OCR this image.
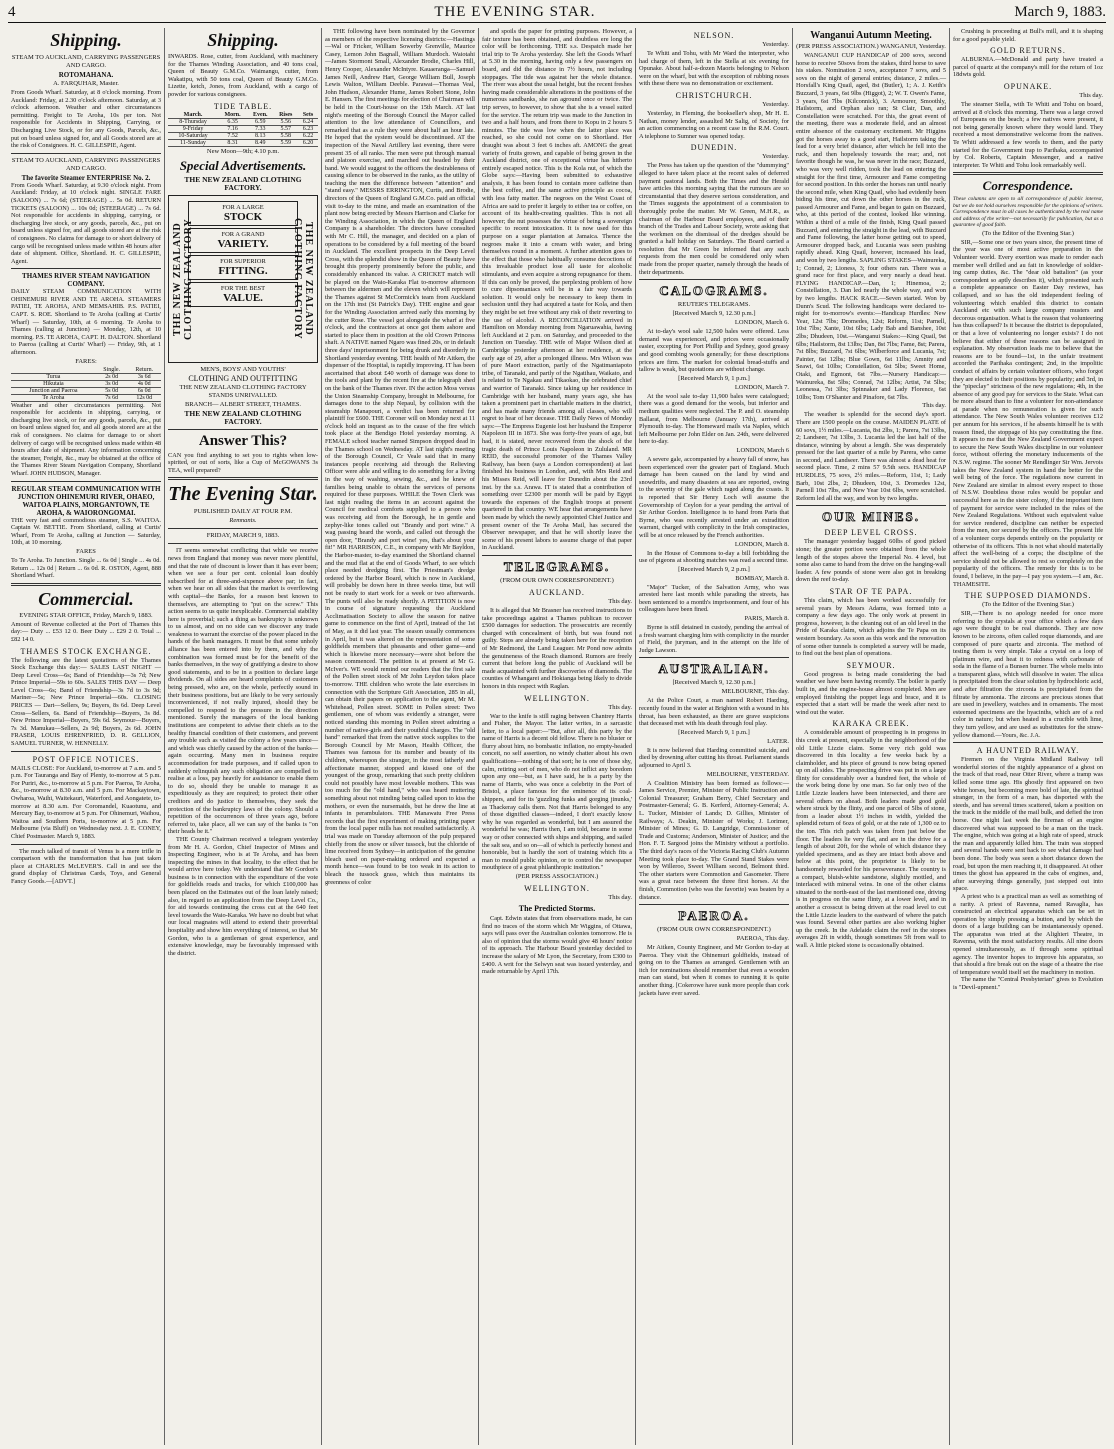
4	THE EVENING STAR.	March 9, 1883.
Shipping.
STEAM TO AUCKLAND, CARRYING PASSENGERS AND CARGO.
ROTOMAHANA.
A. FARQUHAR, Master.

From Goods Wharf. Saturday, at 8 o'clock morning. From Auckland: Friday, at 2.30 o'clock afternoon. Saturday, at 3 o'clock afternoon. Weather and other circumstances permitting. Freight to Te Aroha, 10s per ton. Not responsible for Accidents in Shipping, Carrying, or Discharging Live Stock, or for any Goods, Parcels, &c., put on board unless signed for, and all Goods stored are at the risk of Consignees. H. C. GILLESPIE, Agent.

STEAM TO AUCKLAND, CARRYING PASSENGERS AND CARGO.
The favorite Steamer ENTERPRISE No. 2.

From Goods Wharf. Saturday, at 9.30 o'clock night. From Auckland: Friday, at 10 o'clock night. SINGLE FARE (SALOON) ... 7s 6d; (STEERAGE) ... 5s 0d. RETURN TICKETS (SALOON) ... 10s 0d; (STEERAGE) ... 7s 6d. Not responsible for accidents in shipping, carrying, or discharging live stock, or any goods, parcels, &c., put on board unless signed for, and all goods stored are at the risk of consignees. No claims for damage to or short delivery of cargo will be recognised unless made within 48 hours after date of shipment. Office, Shortland. H. C. GILLESPIE, Agent.

THAMES RIVER STEAM NAVIGATION COMPANY.

DAILY STEAM COMMUNICATION WITH OHINEMURI RIVER AND TE AROHA. STEAMERS PATIEI, TE AROHA, AND MEMSAHIB. P.S. PATIEI, CAPT. S. ROE. Shortland to Te Aroha (calling at Curtis' Wharf) — Saturday, 10th, at 6 morning. Te Aroha to Thames (calling at Junction) — Monday, 12th, at 10 morning. P.S. TE AROHA, CAPT. H. DALTON. Shortland to Paeroa (calling at Curtis' Wharf) — Friday, 9th, at 1 afternoon.

FARES:
	Single.	Return.
Turua	2s 0d	3s 6d
Hikutaia	3s 0d	4s 0d
Junction and Paeroa	5s 0d	6s 0d
Te Aroha	7s 6d	12s 0d

Weather and other circumstances permitting. Not responsible for accidents in shipping, carrying, or discharging live stock, or for any goods, parcels, &c., put on board unless signed for, and all goods stored are at the risk of consignees. No claims for damage to or short delivery of cargo will be recognised unless made within 48 hours after date of shipment. Any information concerning the steamer, Freight, &c., may be obtained at the office of the Thames River Steam Navigation Company, Shortland Wharf. JOHN HUDSON, Manager.

REGULAR STEAM COMMUNICATION WITH JUNCTION OHINEMURI RIVER, OHAEO, WAITOA PLAINS, MORGANTOWN, TE AROHA, & WAIORONGOMAI.

THE very fast and commodious steamer, S.S. WAITOA. Captain W. BETTIE. From Shortland, calling at Curtis' Wharf, From Te Aroha, calling at Junction — Saturday, 10th, at 10 morning.

FARES

To Te Aroha. To Junction. Single ... 6s 0d | Single ... 4s 0d. Return ... 12s 0d | Return ... 6s 0d. R. OSTON, Agent, 888 Shortland Wharf.

Commercial.
EVENING STAR OFFICE, Friday, March 9, 1883.

Amount of Revenue collected at the Port of Thames this day:— Duty ... £53 12 0. Beer Duty ... £29 2 0. Total ... £82 14 0.

THAMES STOCK EXCHANGE.

The following are the latest quotations of the Thames Stock Exchange this day:— SALES LAST NIGHT — Deep Level Cross—6s; Band of Friendship—3s 7d; New Prince Imperial—59s to 60s. SALES THIS DAY — Deep Level Cross—6s; Band of Friendship—3s 7d to 3s 9d; Mariner—5s; New Prince Imperial—60s. CLOSING PRICES — Dart—Sellers, 9s; Buyers, 8s 6d. Deep Level Cross—Sellers, 6s. Band of Friendship—Buyers, 3s 8d. New Prince Imperial—Buyers, 59s 6d. Seymour—Buyers, 7s 3d. Manukau—Sellers, 2s 9d; Buyers, 2s 6d. JOHN FRASER, LOUIS EHRENFRIED, D. R. GELLION, SAMUEL TURNER, W. HENNELLY.

POST OFFICE NOTICES.

MAILS CLOSE: For Auckland, to-morrow at 7 a.m. and 5 p.m. For Tauranga and Bay of Plenty, to-morrow at 5 p.m. For Puriri, &c., to-morrow at 5 p.m. For Paeroa, Te Aroha, &c., to-morrow at 8.30 a.m. and 5 p.m. For Mackaytown, Owharoa, Waihi, Waitekauri, Waterford, and Aongatete, to-morrow at 8.30 a.m. For Coromandel, Kuaotunu, and Mercury Bay, to-morrow at 5 p.m. For Ohinemuri, Waihou, Waitoa and Southern Ports, to-morrow at 5 p.m. For Melbourne (via Bluff) on Wednesday next. J. E. CONEY, Chief Postmaster. March 9, 1883.

The much talked of transit of Venus is a mere trifle in comparison with the transformation that has just taken place at CHARLES McLEVER'S. Call in and see the grand display of Christmas Cards, Toys, and General Fancy Goods.—[ADVT.]

Shipping.

INWARDS. Rose, cutter, from Auckland, with machinery for the Thames Winding Association, and 40 tons coal, Queen of Beauty G.M.Co. Waimangu, cutter, from Wakatipu, with 50 tons coal, Queen of Beauty G.M.Co. Lizette, ketch, Jones, from Auckland, with a cargo of powder for various consignees.

TIDE TABLE.
March.	Morn.	Even.	Rises	Sets
8-Thursday	6.35	6.59	5.56	6.24
9-Friday	7.16	7.33	5.57	6.23
10-Saturday	7.52	8.13	5.58	6.22
11-Sunday	8.31	8.49	5.59	6.20
New Moon—9th; 4.10 p.m.
Special Advertisements.
THE NEW ZEALAND CLOTHING FACTORY.
THE NEW ZEALAND CLOTHING FACTORY
FOR A LARGE
STOCK
FOR A GRAND
VARIETY.
FOR SUPERIOR
FITTING.
FOR THE BEST
VALUE.	THE NEW ZEALAND CLOTHING FACTORY
MEN'S, BOYS' AND YOUTHS'
CLOTHING AND OUTFITTING
THE NEW ZEALAND CLOTHING FACTORY STANDS UNRIVALLED.
BRANCH— ALBERT STREET, THAMES.
THE NEW ZEALAND CLOTHING FACTORY.
Answer This?

CAN you find anything to set you to rights when low-spirited, or out of sorts, like a Cup of McGOWAN'S 3s TEA, well prepared?

The Evening Star.
PUBLISHED DAILY AT FOUR P.M.
Remnants.
FRIDAY, MARCH 9, 1883.

IT seems somewhat conflicting that while we receive news from England that money was never more plentiful, and that the rate of discount is lower than it has ever been; when we see a four per cent. colonial loan doubly subscribed for at three-and-sixpence above par; in fact, when we hear on all sides that the market is overflowing with capital—the Banks, for a reason best known to themselves, are attempting to "put on the screw." This action seems to us quite inexplicable. Commercial stability here is proverbial; such a thing as bankruptcy is unknown to us almost, and on no side can we discover any trade weakness to warrant the exercise of the power placed in the hands of the bank managers. It must be that some unholy alliance has been entered into by them, and why the combination was formed must be for the benefit of the banks themselves, in the way of gratifying a desire to show good statements, and to be in a position to declare large dividends. On all sides are heard complaints of customers being pressed, who are, on the whole, perfectly sound in their business positions, but are likely to be very seriously inconvenienced, if not really injured, should they be compelled to respond to the pressure in the direction mentioned. Surely the managers of the local banking institutions are competent to advise their chiefs as to the healthy financial condition of their customers, and prevent any trouble such as visited the colony a few years since—and which was chiefly caused by the action of the banks—again occurring. Many men in business require accommodation for trade purposes, and if called upon to suddenly relinquish any such obligation are compelled to realise at a loss, pay heavily for assistance to enable them to do so, should they be unable to manage it as expeditiously as they are required; to protect their other creditors and do justice to themselves, they seek the protection of the bankruptcy laws of the colony. Should a repetition of the occurrences of three years ago, before referred to, take place, all we can say of the banks is "on their heads be it."

THE County Chairman received a telegram yesterday from Mr H. A. Gordon, Chief Inspector of Mines and Inspecting Engineer, who is at Te Aroha, and has been inspecting the mines in that locality, to the effect that he would arrive here today. We understand that Mr Gordon's business is in connection with the expenditure of the vote for goldfields roads and tracks, for which £100,000 has been placed on the Estimates out of the loan lately raised; also, in regard to an application from the Deep Level Co., for aid towards continuing the cross cut at the 640 feet level towards the Waio-Karaka. We have no doubt but what our local magnates will attend to extend their proverbial hospitality and show him everything of interest, so that Mr Gordon, who is a gentleman of great experience, and extensive knowledge, may be favourably impressed with the district.

THE following have been nominated by the Governor as members of the respective licensing districts:—Hastings—Wal or Fricker, William Sowerby Grenville, Maurice Casey, Lemon John Bagnall, William Murdoch. Waiotahi—James Stormont Small, Alexander Brodie, Charles Hill, Henry Cooper, Alexander McIntyre. Kauaeranga—Samuel James Neill, Andrew Hart, George William Bull, Joseph Lewis Walton, William Deeble. Parawai—Thomas Veal, John Hudson, Alexander Hume, James Robert Stone, John E. Hansen. The first meetings for election of Chairman will be held in the Court-house on the 15th March. AT last night's meeting of the Borough Council the Mayor called attention to the low attendance of Councillors, and remarked that as a rule they were about half an hour late. He hoped that the system would be discontinued. AT the inspection of the Naval Artillery last evening, there were present 35 of all ranks. The men were put through manual and platoon exercise, and marched out headed by their band. We would suggest to the officers the desirableness of causing silence to be observed in the ranks, as the utility of teaching the men the difference between "attention" and "stand easy." MESSRS ERRINGTON, Curtis, and Brodie, directors of the Queen of England G.M.Co. paid an official visit to-day to the mine, and made an examination of the plant now being erected by Messrs Harrison and Clarke for the Winding Association, in which the Queen of England Company is a shareholder. The directors have consulted with Mr C. Hill, the manager, and decided on a plan of operations to be considered by a full meeting of the board in Auckland. The excellent prospects in the Deep Level Cross, with the splendid show in the Queen of Beauty have brought this property prominently before the public, and considerably enhanced its value. A CRICKET match will be played on the Waio-Karaka Flat to-morrow afternoon between the aldermen and the eleven which will represent the Thames against St McCormick's team from Auckland on the 17th inst (St Patrick's Day). THE engine and gear for the Winding Association arrived early this morning by the cutter Rose. The vessel got alongside the wharf at five o'clock, and the contractors at once got them ashore and started to place them in position at the old Crown Princess shaft. A NATIVE named Ngaro was fined 20s, or in default three days' imprisonment for being drunk and disorderly in Shortland yesterday evening. THE health of Mr Aitken, the dispenser of the Hospital, is rapidly improving. IT has been ascertained that about £40 worth of damage was done to the tools and plant by the recent fire at the telegraph shed on the bank of the Thames river. IN the action Moss versus the Union Steamship Company, brought in Melbourne, for damages done to the ship Nepaul, by collision with the steamship Manapouri, a verdict has been returned for plaintiff for £600. THE Coroner will on Monday next at 11 o'clock hold an inquest as to the cause of the fire which took place at the Bendigo Hotel yesterday morning. A FEMALE school teacher named Simpson dropped dead in the Thames school on Wednesday. AT last night's meeting of the Borough Council, Cr Veale said that in many instances people receiving aid through the Relieving Officer were able and willing to do something for a living in the way of washing, sewing, &c., and he knew of families being unable to obtain the services of persons required for these purposes. WHILE the Town Clerk was last night reading the items in an account against the Council for medical comforts supplied to a person who was receiving aid from the Borough, he in gentle and zephyr-like tones called out "Brandy and port wine." A wag passing heard the words, and called out through the open door, "Brandy and port wine! yes, that's about your fit!" MR HARRISON, C.E., in company with Mr Bayldon, the Harbor-master, to-day examined the Shortland channel and the mud flat at the end of Goods Wharf, to see which place needed dredging first. The Priestman's dredge ordered by the Harbor Board, which is now in Auckland, will probably be down here in three weeks time, but will not be ready to start work for a week or two afterwards. The punts will also be ready shortly. A PETITION is now in course of signature requesting the Auckland Acclimatisation Society to allow the season for native game to commence on the first of April, instead of the 1st of May, as it did last year. The season usually commences in April, but it was altered on the representation of some goldfields members that pheasants and other game—and which is likewise more necessary—were shot before the season commenced. The petition is at present at Mr G. McIver's. WE would remind our readers that the first sale of the Pollen street stock of Mr John Leydon takes place to-morrow. THE children who wrote the late exercises in connection with the Scripture Gift Association, 285 in all, can obtain their papers on application to the agent, Mr M. Whitehead, Pollen street. SOME in Pollen street: Two gentlemen, one of whom was evidently a stranger, were noticed standing this morning in Pollen street admiring a number of native-girls and their youthful charges. The "old hand" remarked that from the native stock supplies to the Borough Council by Mr Mason, Health Officer, the Thames was famous for its number and beauty of its children, whereupon the stranger, in the most fatherly and affectionate manner, stopped and kissed one of the youngest of the group, remarking that such pretty children could not possibly have most loveable mothers. This was too much for the "old hand," who was heard muttering something about not minding being called upon to kiss the mothers, or even the nursemaids, but he drew the line at infants in perambulators. THE Manawatu Free Press records that the first experiment of making printing paper from the local paper mills has not resulted satisfactorily. A trial was made on Tuesday afternoon of the pulp prepared chiefly from the snow or silver tussock, but the chloride of lime received from Sydney—in anticipation of the genuine bleach used on paper-making ordered and expected a month hence—was found to be too weak in its action to bleach the tussock grass, which thus maintains its greenness of color

and spoils the paper for printing purposes. However, a fair texture has been obtained, and doubtless ere long the color will be forthcoming. THE s.s. Despatch made her trial trip to Te Aroha yesterday. She left the Goods Wharf at 5.30 in the morning, having only a few passengers on board, and did the distance in 7½ hours, not including stoppages. The tide was against her the whole distance. The river was about the usual height, but the recent freshes having made considerable alterations in the positions of the numerous sandbanks, she ran aground once or twice. The trip serves, to however, to show that she is a vessel suited for the service. The return trip was made to the Junction in two and a half hours, and from there to Kopu in 2 hours 5 minutes. The tide was low when the latter place was reached, so she could not come on to Shortland. Her draught was about 3 feet 6 inches aft. AMONG the great variety of fruits grown, and capable of being grown in the Auckland district, one of exceptional virtue has hitherto entirely escaped notice. This is the Kola nut, of which the Globe says:—Having been submitted to exhaustive analysis, it has been found to contain more caffeine than the best coffee, and the same active principle as cocoa, with less fatty matter. The negroes on the West Coast of Africa are said to prefer it largely to either tea or coffee, on account of its health-creating qualities. This is not all however; the nut possesses the virtue of being a sovereign specific to recent intoxication. It is now used for this purpose on a sugar plantation at Jamaica. Thence the negroes make it into a cream with water, and bring themselves round in a moment. A further attention goes to the effect that those who habitually consume decoctions of this invaluable product lose all taste for alcoholic stimulants, and even acquire a strong repugnance for them. If this can only be proved, the perplexing problem of how to cure dipsomaniacs will be in a fair way towards solution. It would only be necessary to keep them in seclusion until they had acquired a taste for Kola, and then they might be set free without any risk of their reverting to the use of alcohol. A RECONCILIATION arrived in Hamilton on Monday morning from Ngaruawahia, having left Auckland at 2 p.m. on Saturday, and proceeded to the Junction on Tuesday. THE wife of Major Wilson died at Cambridge yesterday afternoon at her residence, at the early age of 29, after a prolonged illness. Mrs Wilson was of pure Maori extraction, partly of the Ngatimaniapoto tribe, of Taranaki, and partly of the Ngatihau, Waikato, and is related to Te Ngakau and Tikaokao, the celebrated chief and warrior of Taranaki. Since taking up her residence in Cambridge with her husband, many years ago, she has taken a prominent part in charitable matters in the district, and has made many friends among all classes, who will regret to hear of her decease. THE Daily News of Monday says:—The Empress Eugenie lost her husband the Emperor Napoleon III in 1873. She was forty-five years of age, but had, it is stated, never recovered from the shock of the tragic death of Prince Louis Napoleon in Zululand. MR REID, the successful promoter of the Thames Valley Railway, has been (says a London correspondent) at last finished his business in London, and, with Mrs Reid and his Misses Reid, will leave for Dunedin about the 23rd inst. by the s.s. Arawa. IT is stated that a contribution of something over £2300 per month will be paid by Egypt towards the expenses of the English troops at present quartered in that country. WE hear that arrangements have been made by which the newly appointed Chief Justice and present owner of the Te Aroha Mail, has secured the Observer newspaper, and that he will shortly leave the scene of his present labors to assume charge of that paper in Auckland.

TELEGRAMS.
(FROM OUR OWN CORRESPONDENT.)
AUCKLAND.
This day.

It is alleged that Mr Brasner has received instructions to take proceedings against a Thames publican to recover £500 damages for seduction. The prosecutrix are recently charged with concealment of birth, but was found not guilty. Steps are already being taken here for the reception of Mr Redmond, the Land Leaguer. Mr Pond now admits the genuineness of the Roach diamond. Rumors are freely current that before long the public of Auckland will be made acquainted with further discoveries of diamonds. The counties of Whangarei and Hokianga being likely to divide honors in this respect with Raglan.

WELLINGTON.
This day.

War to the knife is still raging between Chantrey Harris and Fisher, the Mayor. The latter writes, in a sarcastic letter, to a local paper:—"But, after all, this party by the name of Harris is a decent old fellow. There is no bluster or flurry about him, no bombastic inflation, no empty-headed conceit, no self assertion, no windy chatter about his own qualifications—nothing of that sort; he is one of those shy, calm, retiring sort of men, who do not inflict any boredom upon any one—but, as I have said, he is a party by the name of Harris, who was once a celebrity in the Port of Bristol, a place famous for the eminence of its coal-shippers, and for its 'guzzling funks and gorging jinunks,' as Thackeray calls them. Not that Harris belonged to any of those dignified classes—indeed, I don't exactly know why he was regarded as wonderful, but I am assured the wonderful he was; Harris then, I am told, became in some way or other connected with ships and shipping, and sailed the salt sea, and so on—all of which is perfectly honest and honorable, but is hardly the sort of training which fits a man to mould public opinion, or to control the newspaper mouthpiece of a great philanthropic institution."

(PER PRESS ASSOCIATION.)
WELLINGTON.
This day.
The Predicted Storms.

Capt. Edwin states that from observations made, he can find no traces of the storm which Mr Wiggins, of Ottawa, says will pass over the Australian colonies tomorrow. He is also of opinion that the storms would give 48 hours' notice of its approach. The Harbour Board yesterday decided to increase the salary of Mr Lyon, the Secretary, from £300 to £400. A writ for the Selwyn seat was issued yesterday, and made returnable by April 17th.

NELSON.
Yesterday.

Te Whiti and Tohu, with Mr Ward the interpreter, who had charge of them, left in the Stella at six evening for Opunake. About half-a-dozen Maoris belonging to Nelson were on the wharf, but with the exception of rubbing noses with these there was no demonstration or excitement.

CHRISTCHURCH.
Yesterday.

Yesterday, in Fleming, the bookseller's shop, Mr H. E. Nathan, money lender, assaulted Mr Salig, of Society, for an action commencing on a recent case in the R.M. Court. A telephone to Sumner was opened today.

DUNEDIN.
Yesterday.

The Press has taken up the question of the "dummying" alleged to have taken place at the recent sales of deferred payment pastoral lands. Both the Times and the Herald have articles this morning saying that the rumours are so circumstantial that they deserve serious consideration, and the Times suggests the appointment of a commission to thoroughly probe the matter. Mr W. Green, M.H.R., as chairman of the Harbour Board employees, and of their branch of the Trades and Labour Society, wrote asking that the workmen on the dismissal of the dredges should be granted a half holiday on Saturdays. The Board carried a resolution that Mr Green be informed that any such requests from the men could be considered only when made from the proper quarter, namely through the heads of their departments.

CALOGRAMS.
REUTER'S TELEGRAMS.
[Received March 9, 12.30 p.m.]
LONDON, March 6.

At to-day's wool sale 12,500 bales were offered. Less demand was experienced, and prices were occasionally easier, excepting for Port Phillip and Sydney, good greasy and good combing wools generally; for these descriptions prices are firm. The market for colonial bread-stuffs and tallow is weak, but quotations are without change.

[Received March 9, 1 p.m.]
LONDON, March 7.

At the wool sale to-day 11,900 bales were catalogued; there was a good demand for the wools, but inferior and medium qualities were neglected. The P. and O. steamship Ballarat, from Melbourne (January 17th), arrived at Plymouth to-day. The Homeward mails via Naples, which left Melbourne per John Elder on Jan. 24th, were delivered here to-day.

LONDON, March 6

A severe gale, accompanied by a heavy fall of snow, has been experienced over the greater part of England. Much damage has been caused on the land by wind and snowdrifts, and many disasters at sea are reported, owing to the severity of the gale which raged along the coasts. It is reported that Sir Henry Loch will assume the Governorship of Ceylon for a year pending the arrival of Sir Arthur Gordon. Intelligence is to hand from Paris that Byrne, who was recently arrested under an extradition warrant, charged with complicity in the Irish conspiracies, will be at once released by the French authorities.

LONDON, March 8.

In the House of Commons to-day a bill forbidding the use of pigeons at shooting matches was read a second time.

[Received March 9, 2 p.m.]
BOMBAY, March 8.

"Major" Tucker, of the Salvation Army, who was arrested here last month while parading the streets, has been sentenced to a month's imprisonment, and four of his colleagues have been fined.

PARIS, March 8.

Byrne is still detained in custody, pending the arrival of a fresh warrant charging him with complicity in the murder of Field, the juryman, and in the attempt on the life of Judge Lawson.

AUSTRALIAN.
[Received March 9, 12.30 p.m.]
MELBOURNE, This day.

At the Police Court, a man named Robert Harding, recently found in the water at Brighton with a wound in his throat, has been exhausted, as there are grave suspicions that deceased met with his death through foul play.

[Received March 9, 1 p.m.]
LATER.

It is now believed that Harding committed suicide, and died by drowning after cutting his throat. Parliament stands adjourned to April 3.

MELBOURNE, YESTERDAY.

A Coalition Ministry has been formed as follows:—James Service, Premier, Minister of Public Instruction and Colonial Treasurer; Graham Berry, Chief Secretary and Postmaster-General; G. B. Kerferd, Attorney-General; A. L. Tucker, Minister of Lands; D. Gillies, Minister of Railways; A. Deakin, Minister of Works; J. Lorimer, Minister of Mines; G. D. Langridge, Commissioner of Trade and Customs; Anderson, Minister of Justice; and the Hon. F. T. Sargood joins the Ministry without a portfolio. The third day's races of the Victoria Racing Club's Autumn Meeting took place to-day. The Grand Stand Stakes were won by Willeroo, Sweet William second, Belmont third. The other starters were Commotion and Gasometer. There was a great race between the three first horses. At the finish, Commotion (who was the favorite) was beaten by a distance.

PAEROA.
(FROM OUR OWN CORRESPONDENT.)
PAEROA, This day.

Mr Aitken, County Engineer, and Mr Gordon to-day at Paeroa. They visit the Ohinemuri goldfields, instead of going on to the Thames as arranged. Gentlemen with an itch for nominations should remember that even a wooden man can stand, but when it comes to running it is quite another thing. [Cokerowe have sunk more people than cork jackets have ever saved.

Wanganui Autumn Meeting.
(PER PRESS ASSOCIATION.) WANGANUI, Yesterday.

WANGANUI CUP HANDICAP of 200 sovs, second horse to receive 50sovs from the stakes, third horse to save his stakes. Nomination 2 sovs, acceptance 7 sovs, and 5 sovs on the night of general entries; distance, 2 miles.—Horsfall's King Quail, aged, 8st (Butler), 1; A. J. Keith's Buzzard, 3 years, 6st 9lbs (Higgot), 2; W. T. Owen's Fame, 3 years, 6st 7lbs (Kilconnick), 3. Armourer, Smoothly, Hailstorm, and Orphan also ran; St Clair, Dan, and Constellation were scratched. For this, the great event of the meeting, there was a moderate field, and an almost entire absence of the customary excitement. Mr Higgins got the horses away to a good start, Hailstorm taking the lead for a very brief distance, after which he fell into the ruck, and then hopelessly towards the rear; and, not favorite though he was, he was never in the race; Buzzard, who was very well ridden, took the lead on entering the straight for the first time, Armourer and Fame competing for second position. In this order the horses ran until nearly the second mile, when King Quail, who had evidently been biding his time, cut down the other horses in the ruck, passed Armourer and Fame, and began to gain on Buzzard, who, at this period of the contest, looked like winning. Within a third of a mile of the finish, King Quail passed Buzzard, and entering the straight in the lead, with Buzzard and Fame following, the latter horse getting out to speed, Armourer dropped back, and Lucania was seen pushing rapidly ahead. King Quail, however, increased his lead, and won by two lengths. SAPLING STAKES—Wainureka, 1; Conrad, 2; Lioness, 3; four others ran. There was a grand race for first place, and very nearly a dead heat. FLYING HANDICAP.—Dan, 1; Hinemoa, 2; Constellation, 3. Dan led nearly the whole way, and won by two lengths. HACK RACE.—Seven started. Won by Dunn's Scud. The following handicaps were declared to-night for to-morrow's events:—Handicap Hurdles: New Year, 12st 7lbs; Dromedes, 12st; Reform, 11st; Parnell, 10st 7lbs; Xante, 10st 6lbs; Lady Bab and Banshee, 10st 2lbs; Dhudeen, 10st.—Wanganui Stakes:—King Quail, 9st 6lbs; Hailstorm, 8st 13lbs; Dan, 8st 7lbs; Fame, 8st; Parera, 7st 8lbs; Buzzard, 7st 6lbs; Wilberforce and Lucania, 7st; Painter, 6st 12lbs; Blue Gown, 6st 11lbs; Amnity and Seawi, 6st 10lbs; Constellation, 6st 5lbs; Sweet Home, Otaki, and Egmont, 6st 7lbs.—Nursery Handicap:—Wainureka, 8st 5lbs; Conrad, 7st 12lbs; Artist, 7st 5lbs; Leonessa, 7st 3lbs; Spinnaker and Lady Florence, 6st 10lbs; Tom O'Shanter and Pinafore, 6st 7lbs.

This day.

The weather is splendid for the second day's sport. There are 1500 people on the course. MAIDEN PLATE of 60 sovs, 1½ miles.—Lucania, 8st 2lbs, 1; Parera, 7st 13lbs, 2; Landseer, 7st 13lbs, 3. Lucania led the last half of the distance, winning by about a length. She was desperately pressed for the last quarter of a mile by Parera, who came in second, and Landseer. There was almost a dead heat for second place. Time, 2 mins 57 9.5th secs. HANDICAP HURDLES, 75 sovs, 2½ miles.—Reform, 11st, 1; Lady Barb, 10st 2lbs, 2; Dhudeen, 10st, 3. Dromedes 12st, Parnell 10st 7lbs, and New Year 10st 6lbs, were scratched. Reform led all the way, and won by two lengths.

OUR MINES.
DEEP LEVEL CROSS.

The manager yesterday bagged 60lbs of good picked stone; the greater portion were obtained from the whole length of the stopes above the Imperial No. 4 level, but some also came to hand from the drive on the hanging-wall leader. A few pounds of stone were also got in breaking down the reef to-day.

STAR OF TE PAPA.

This claim, which has been worked successfully for several years by Messrs Adams, was formed into a company a few days ago. The only work at present in progress, however, is the cleaning out of an old level in the Pride of Karaka claim, which adjoins the Te Papa on its western boundary. As soon as this work and the renovation of some other tunnels is completed a survey will be made, to find out the best plan of operations.

SEYMOUR.

Good progress is being made considering the bad weather we have been having recently. The boiler is partly built in, and the engine-house almost completed. Men are employed finishing the poppet legs and brace, and it is expected that a start will be made the week after next to wind out the water.

KARAKA CREEK.

A considerable amount of prospecting is in progress in this creek at present, especially in the neighborhood of the old Little Lizzie claim. Some very rich gold was discovered in this locality a few weeks back by a claimholder, and his piece of ground is now being opened up on all sides. The prospecting drive was put in on a large flinty for considerably over a hundred feet, the whole of the work being done by one man. So far only two of the Little Lizzie leaders have been intersected, and there are several others on ahead. Both leaders made good gold where struck by the flinty, and one parcel of 5lbs of stone, from a leader about 1½ inches in width, yielded the splendid return of 6ozs of gold, or at the rate of 1,300 oz to the ton. This rich patch was taken from just below the floor. The leaders lie very flat, and are in the drive for a length of about 20ft, for the whole of which distance they yielded specimens, and as they are intact both above and below at this point, the proprietor is likely to be handsomely rewarded for his perseverance. The country is a compact, bluish-white sandstone, slightly mottled, and interlaced with mineral veins. In one of the other claims situated to the north-east of the last mentioned one, driving is in progress on the same flinty, at a lower level, and in another a crosscut is being driven at the road level to cut the Little Lizzie leaders to the eastward of where the patch was found. Several other parties are also working higher up the creek. In the Adelaide claim the reef in the stopes averages 2ft in width, though sometimes 5ft from wall to wall. A little picked stone is occasionally obtained.

Crushing is proceeding at Bull's mill, and it is shaping for a good payable yield.

GOLD RETURNS.

ALBURNIA.—McDonald and party have treated a parcel of quartz at the company's mill for the return of 1oz 18dwts gold.

OPUNAKE.
This day.

The steamer Stella, with Te Whiti and Tohu on board, arrived at 8 o'clock this morning. There was a large crowd of Europeans on the beach; a few natives were present, it not being generally known where they would land. They received a most demonstrative welcome from the natives. Te Whiti addressed a few words to them, and the party started for the Government trap to Parihaka, accompanied by Col. Roberts, Captain Messenger, and a native interpreter. Te Whiti and Tohu look remarkably well.

Correspondence.

These columns are open to all correspondence of public interest, but we do not hold ourselves responsible for the opinions of writers. Correspondence must in all cases be authenticated by the real name and address of the writer—not necessarily for publication, but as a guarantee of good faith.

(To the Editor of the Evening Star.)

SIR,—Some one or two years since, the present time of the year was one of most active preparation in the Volunteer world. Every exertion was made to render each member well drilled and au fait in knowledge of soldier-ing camp duties, &c. The "dear old battalion" (as your correspondent so aptly describes it), which presented such a complete appearance on Easter Day reviews, has collapsed, and so has the old independent feeling of volunteering which enabled this district to contain Auckland etc with such large company musters and decorous organisation. What is the reason that volunteering has thus collapsed? Is it because the district is depopulated, or that a love of volunteering no longer exists? I do not believe that either of these reasons can be assigned in explanation. My observation leads me to believe that the reasons are to be found—1st, in the unfair treatment accorded the Parihaka contingent; 2nd, in the impolitic conduct of affairs by certain volunteer officers, who forgot they are elected to their positions by popularity; and 3rd, in the "pipeclay" strictness of the new regulations; 4th, in the absence of any good pay for services to the State. What can be more absurd than to fine a volunteer for non-attendance at parade when no remuneration is given for such attendance. The New South Wales volunteer receives £12 per annum for his services, if he absents himself he is with reason fined, the stoppage of his pay constituting the fine. It appears to me that the New Zealand Government expect to secure the New South Wales discipline in our volunteer force, without offering the monetary inducements of the N.S.W. regime. The sooner Mr Rendlinger Sir Wm. Jervois takes the New Zealand system in hand the better for the well being of the force. The regulations now current in New Zealand are similar in almost every respect to those of N.S.W. Doubtless those rules would be popular and successful here as in the sister colony, if the important item of payment for service were included in the rules of the New Zealand Regulations. Without such equivalent value for service rendered, discipline can neither be expected from the men, nor secured by the officers. The present life of a volunteer corps depends entirely on the popularity or otherwise of its officers. This is not what should materially affect the well-being of a corps; the discipline of the service should not be allowed to rest so completely on the popularity of the officers. The remedy for this is to be found, I believe, in the pay—I pay you system.—I am, &c. THAMESITE.

THE SUPPOSED DIAMONDS.
(To the Editor of the Evening Star.)

SIR,—There is no apology needed for once more referring to the crystals at your office which a few days ago were thought to be real diamonds. They are now known to be zircons, often called roque diamonds, and are composed of pure quartz and zirconia. The method of testing them is very simple. Take a crystal on a loop of platinum wire, and heat it to redness with carbonate of soda in the flame of a Bunsen burner. The whole melts into a transparent glass, which will dissolve in water. The silica is precipitated from the clear solution by hydrochloric acid, and after filtration the zirconia is precipitated from the filtrate by ammonia. The zircons are precious stones that are used in jewellery, watches and in ornaments. The most esteemed specimens are the hyacinths, which are of a red color in nature; but when heated in a crucible with lime, they turn yellow, and are used as substitutes for the straw-yellow diamond.—Yours, &c. J.A.

A HAUNTED RAILWAY.

Firemen on the Virginia Midland Railway tell wonderful stories of the nightly appearance of a ghost on the track of that road, near Otter River, where a tramp was killed some time ago. His ghostly first appeared on two white horses, but becoming more bold of late, the spiritual stranger, in the form of a man, has disported with the steeds, and has several times scattered, taken a position on the track in the middle of the mail bulk, and defied the iron horse. One night last week the fireman of an engine discovered what was supposed to be a man on the track. The engine, which was going at a high rate of speed, struck the man and apparently killed him. The train was stopped and several hands were sent back to see what damage had been done. The body was seen a short distance down the road, but upon the men reaching it, it disappeared. At other times the ghost has appeared in the cabs of engines, and, after surveying things generally, just stepped out into space.

A priest who is a practical man as well as something of a rarity. A priest of Ravenna, named Ravaglia, has constructed an electrical apparatus which can be set in operation by simply pressing a button, and by which the doors of a large building can be instantaneously opened. The apparatus was tried at the Alighieri Theatre, in Ravenna, with the most satisfactory results. All nine doors opened simultaneously, as if through some spiritual agency. The inventor hopes to improve his apparatus, so that should a fire break out on the stage of a theatre the rise of temperature would itself set the machinery in motion.

The name the "Central Presbyterian" gives to Evolution is "Devil-upment."
